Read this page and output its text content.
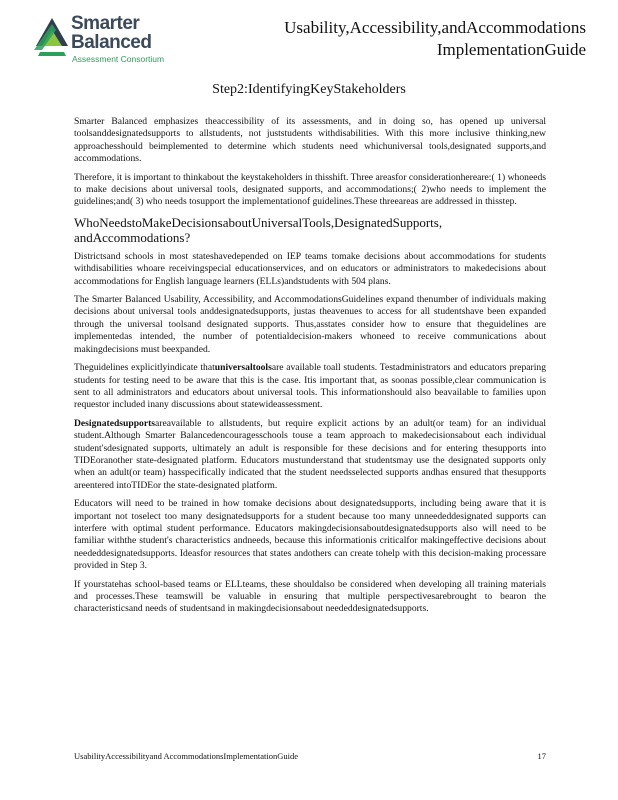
Smarter
Balanced
Assessment Consortium
Usability,Accessibility,andAccommodations
ImplementationGuide
Step2:IdentifyingKeyStakeholders

Smarter Balanced emphasizes theaccessibility of its assessments, and in doing so, has opened up universal toolsanddesignatedsupports to allstudents, not juststudents withdisabilities. With this more inclusive thinking,new approachesshould beimplemented to determine which students need whichuniversal tools,designated supports,and accommodations.

Therefore, it is important to thinkabout the keystakeholders in thisshift. Three areasfor considerationhereare:( 1) whoneeds to make decisions about universal tools, designated supports, and accommodations;( 2)who needs to implement the guidelines;and( 3) who needs tosupport the implementationof guidelines.These threeareas are addressed in thisstep.

WhoNeedstoMakeDecisionsaboutUniversalTools,DesignatedSupports, andAccommodations?

Districtsand schools in most stateshavedepended on IEP teams tomake decisions about accommodations for students withdisabilities whoare receivingspecial educationservices, and on educators or administrators to makedecisions about accommodations for English language learners (ELLs)andstudents with 504 plans.

The Smarter Balanced Usability, Accessibility, and AccommodationsGuidelines expand thenumber of individuals making decisions about universal tools anddesignatedsupports, justas theavenues to access for all studentshave been expanded through the universal toolsand designated supports. Thus,asstates consider how to ensure that theguidelines are implementedas intended, the number of potentialdecision-makers whoneed to receive communications about makingdecisions must beexpanded.

Theguidelines explicitlyindicate thatuniversaltoolsare available toall students. Testadministrators and educators preparing students for testing need to be aware that this is the case. Itis important that, as soonas possible,clear communication is sent to all administrators and educators about universal tools. This informationshould also beavailable to families upon requestor included inany discussions about statewideassessment.

Designatedsupportsareavailable to allstudents, but require explicit actions by an adult(or team) for an individual student.Although Smarter Balancedencouragesschools touse a team approach to makedecisionsabout each individual student'sdesignated supports, ultimately an adult is responsible for these decisions and for entering thesupports into TIDEoranother state-designated platform. Educators mustunderstand that studentsmay use the designated supports only when an adult(or team) hasspecifically indicated that the student needsselected supports andhas ensured that thesupports areentered intoTIDEor the state-designated platform.

Educators will need to be trained in how tomake decisions about designatedsupports, including being aware that it is important not toselect too many designatedsupports for a student because too many unneededdesignated supports can interfere with optimal student performance. Educators makingdecisionsaboutdesignatedsupports also will need to be familiar withthe student's characteristics andneeds, because this informationis criticalfor makingeffective decisions about neededdesignatedsupports. Ideasfor resources that states andothers can create tohelp with this decision-making processare provided in Step 3.

If yourstatehas school-based teams or ELLteams, these shouldalso be considered when developing all training materials and processes.These teamswill be valuable in ensuring that multiple perspectivesarebrought to bearon the characteristicsand needs of studentsand in makingdecisionsabout neededdesignatedsupports.

UsabilityAccessibilityand AccommodationsImplementationGuide	17
